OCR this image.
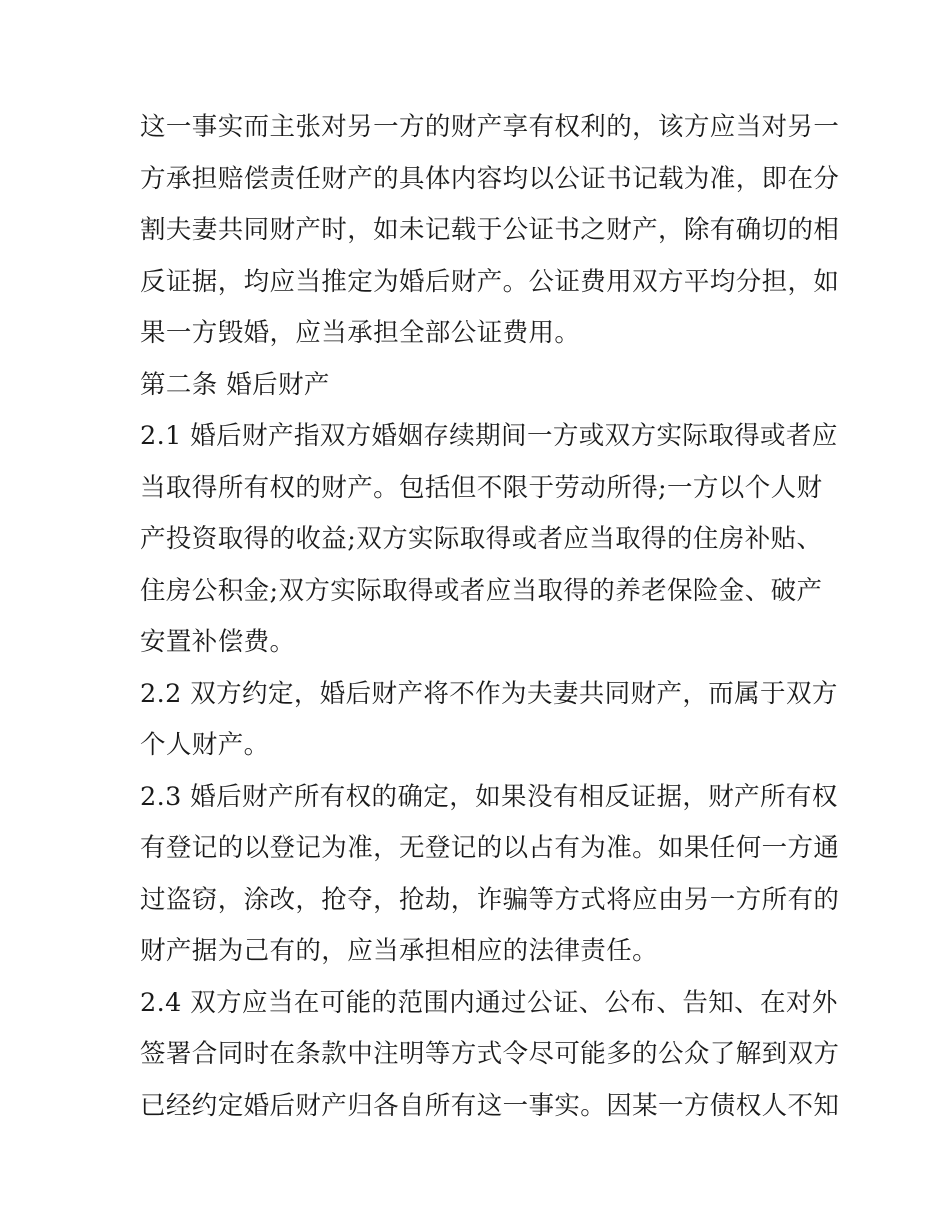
这一事实而主张对另一方的财产享有权利的，该方应当对另一
方承担赔偿责任财产的具体内容均以公证书记载为准，即在分
割夫妻共同财产时，如未记载于公证书之财产，除有确切的相
反证据，均应当推定为婚后财产。公证费用双方平均分担，如
果一方毁婚，应当承担全部公证费用。
第二条 婚后财产
2.1 婚后财产指双方婚姻存续期间一方或双方实际取得或者应
当取得所有权的财产。包括但不限于劳动所得;一方以个人财
产投资取得的收益;双方实际取得或者应当取得的住房补贴、
住房公积金;双方实际取得或者应当取得的养老保险金、破产
安置补偿费。
2.2 双方约定，婚后财产将不作为夫妻共同财产，而属于双方
个人财产。
2.3 婚后财产所有权的确定，如果没有相反证据，财产所有权
有登记的以登记为准，无登记的以占有为准。如果任何一方通
过盗窃，涂改，抢夺，抢劫，诈骗等方式将应由另一方所有的
财产据为己有的，应当承担相应的法律责任。
2.4 双方应当在可能的范围内通过公证、公布、告知、在对外
签署合同时在条款中注明等方式令尽可能多的公众了解到双方
已经约定婚后财产归各自所有这一事实。因某一方债权人不知
